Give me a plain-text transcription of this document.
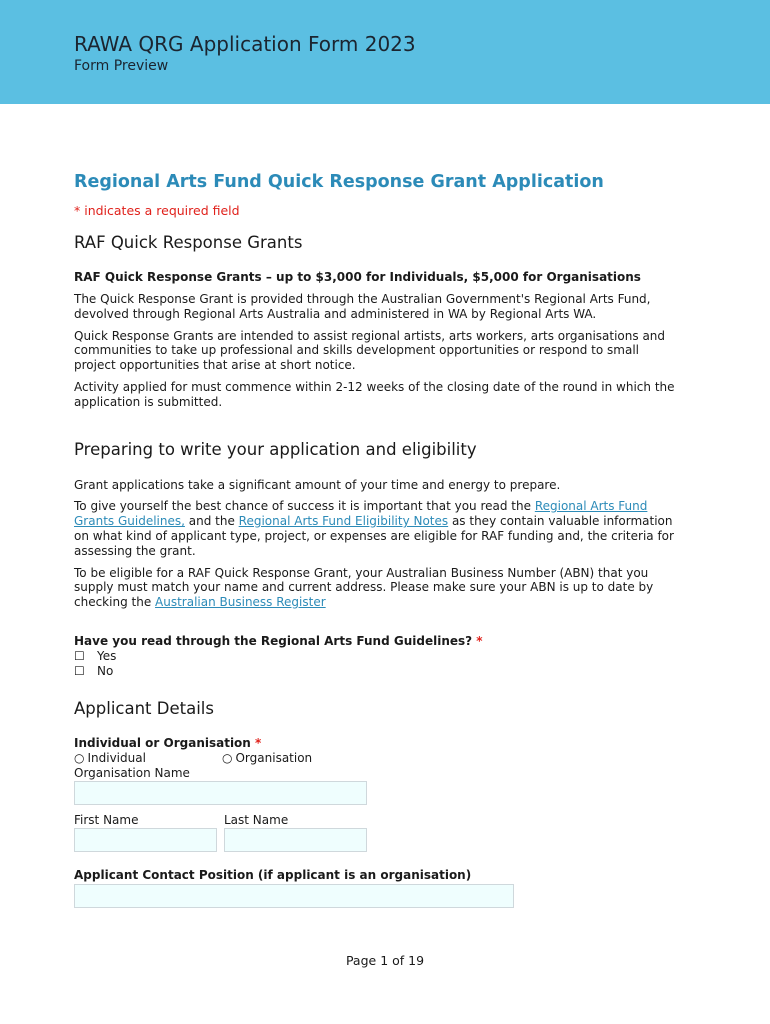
RAWA QRG Application Form 2023
Form Preview
Regional Arts Fund Quick Response Grant Application
* indicates a required field
RAF Quick Response Grants
RAF Quick Response Grants – up to $3,000 for Individuals, $5,000 for Organisations

The Quick Response Grant is provided through the Australian Government's Regional Arts Fund, devolved through Regional Arts Australia and administered in WA by Regional Arts WA.

Quick Response Grants are intended to assist regional artists, arts workers, arts organisations and communities to take up professional and skills development opportunities or respond to small project opportunities that arise at short notice.

Activity applied for must commence within 2-12 weeks of the closing date of the round in which the application is submitted.

Preparing to write your application and eligibility

Grant applications take a significant amount of your time and energy to prepare.

To give yourself the best chance of success it is important that you read the Regional Arts Fund Grants Guidelines, and the Regional Arts Fund Eligibility Notes as they contain valuable information on what kind of applicant type, project, or expenses are eligible for RAF funding and, the criteria for assessing the grant.

To be eligible for a RAF Quick Response Grant, your Australian Business Number (ABN) that you supply must match your name and current address. Please make sure your ABN is up to date by checking the Australian Business Register

Have you read through the Regional Arts Fund Guidelines? *
☐ Yes
☐ No
Applicant Details
Individual or Organisation *
○ Individual	○ Organisation
Organisation Name
First Name	Last Name
Applicant Contact Position (if applicant is an organisation)
Page 1 of 19
